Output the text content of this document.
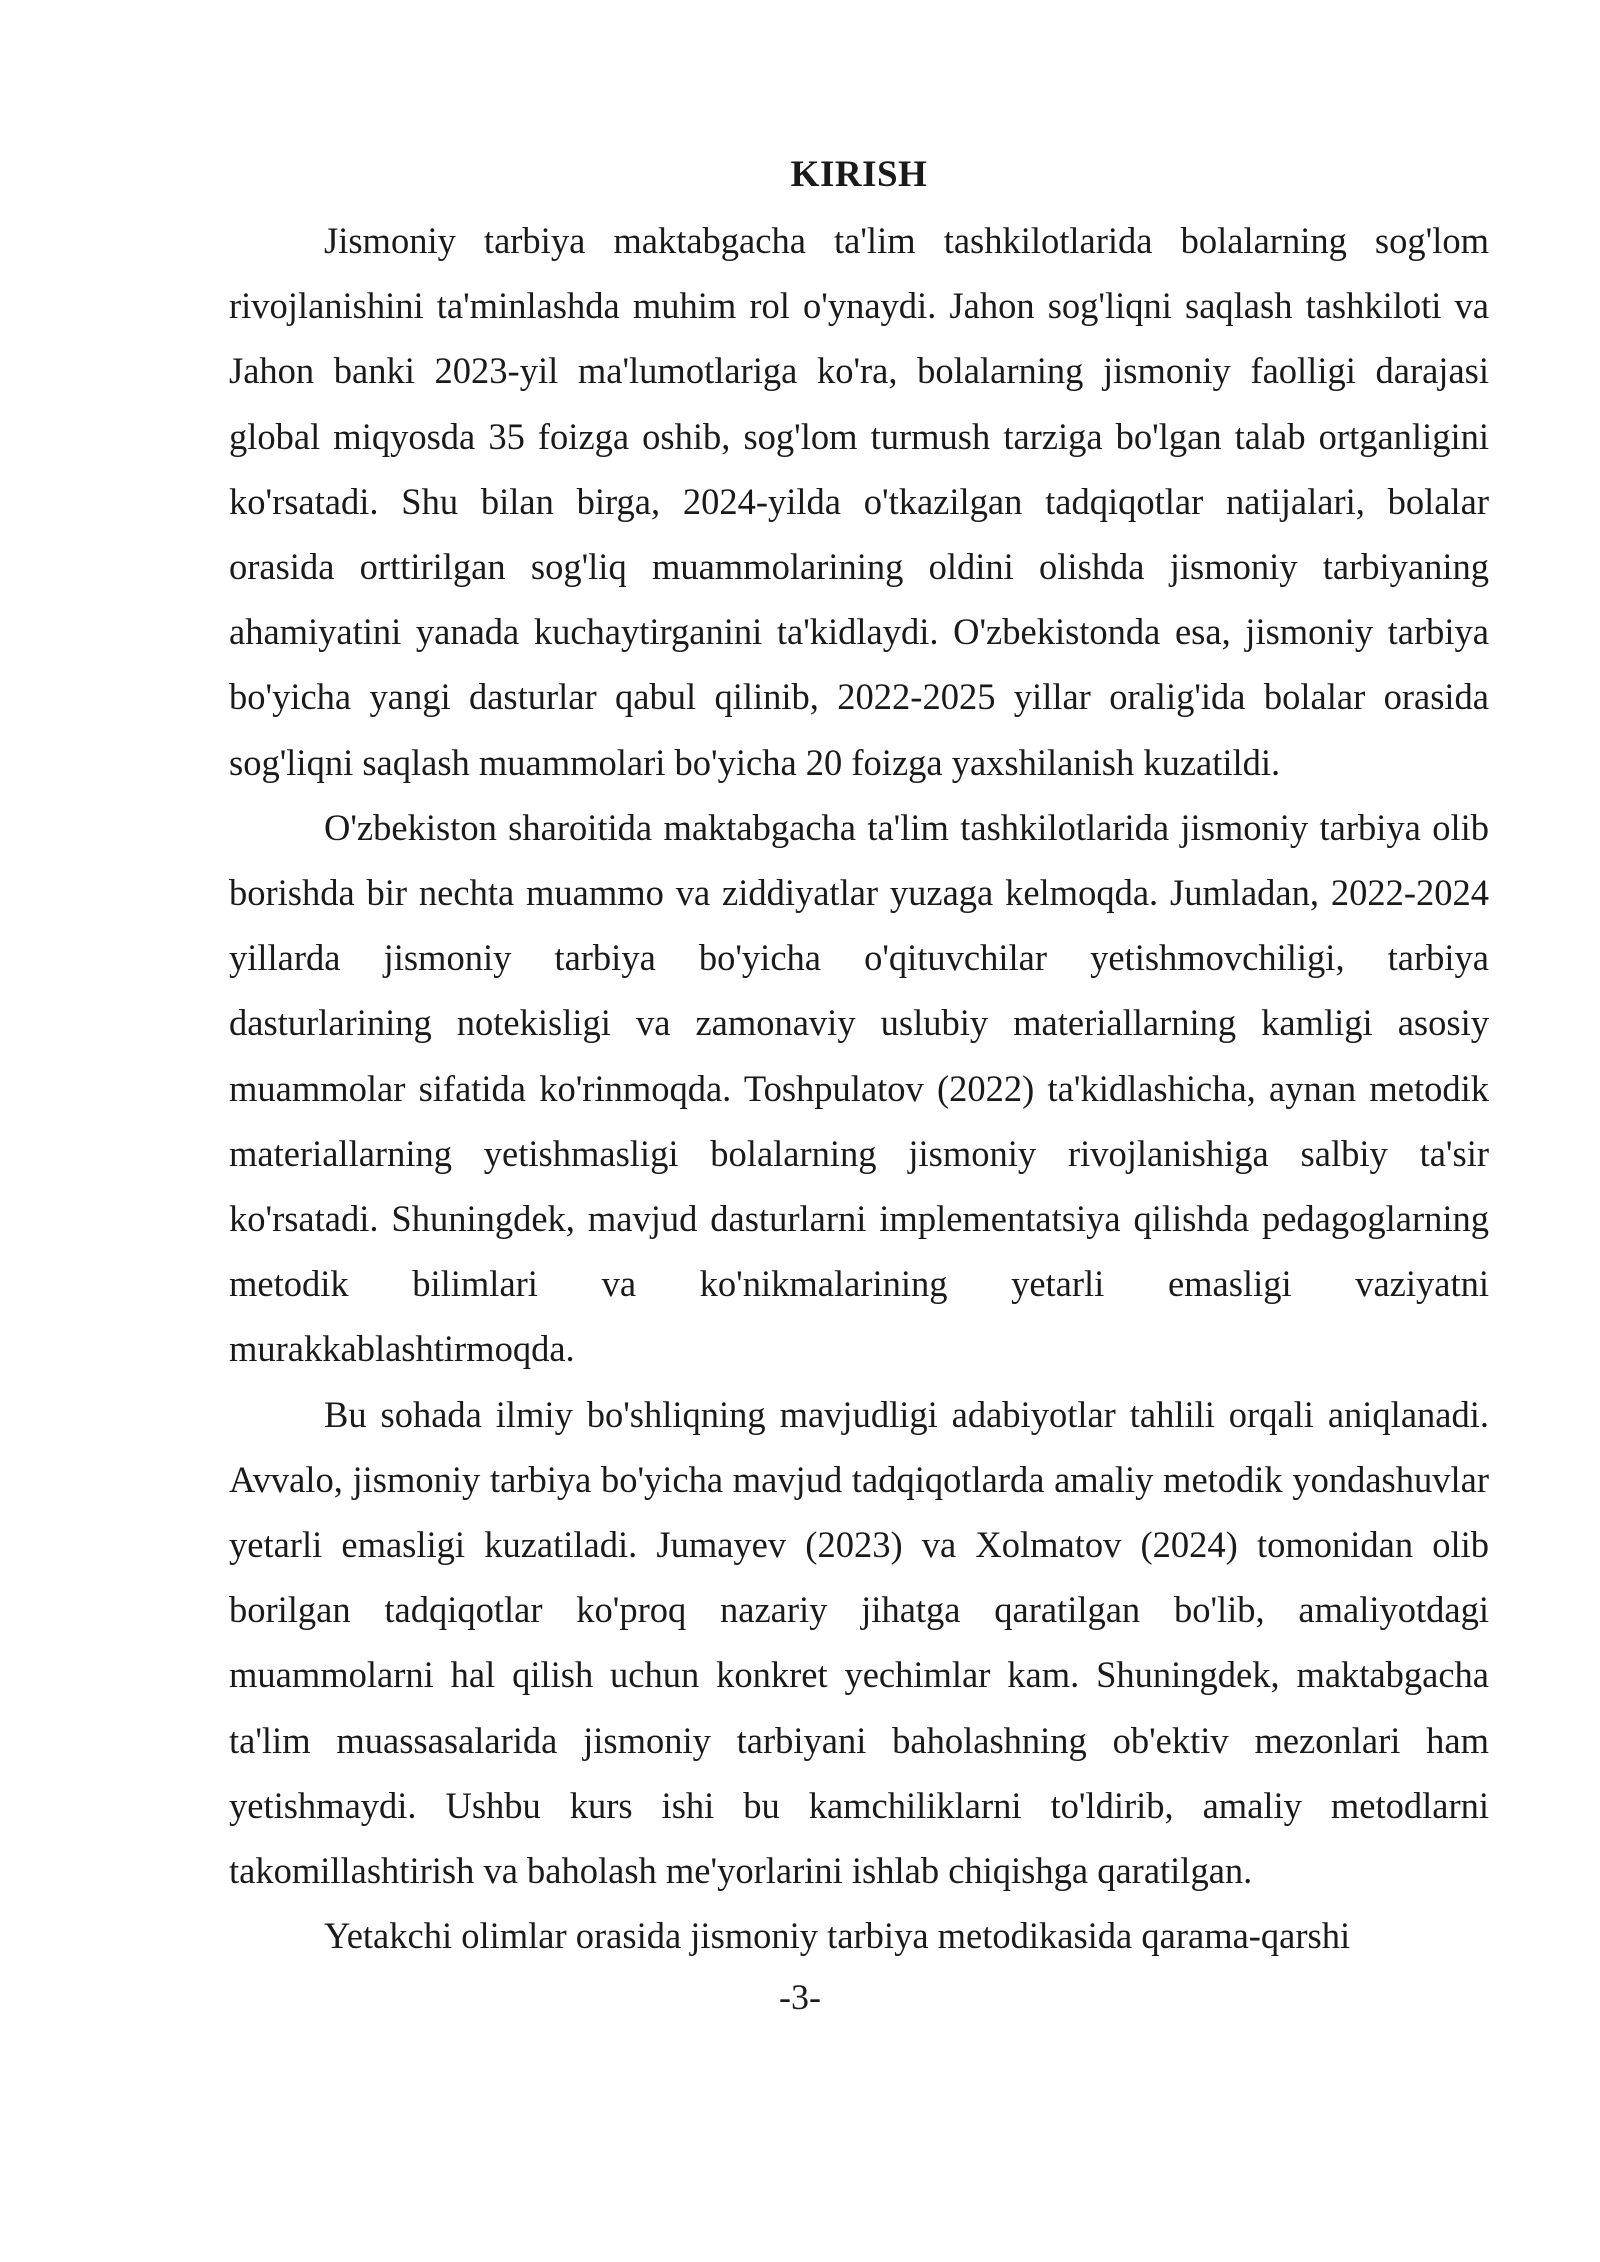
KIRISH

Jismoniy tarbiya maktabgacha ta'lim tashkilotlarida bolalarning sog'lom rivojlanishini ta'minlashda muhim rol o'ynaydi. Jahon sog'liqni saqlash tashkiloti va Jahon banki 2023-yil ma'lumotlariga ko'ra, bolalarning jismoniy faolligi darajasi global miqyosda 35 foizga oshib, sog'lom turmush tarziga bo'lgan talab ortganligini ko'rsatadi. Shu bilan birga, 2024-yilda o'tkazilgan tadqiqotlar natijalari, bolalar orasida orttirilgan sog'liq muammolarining oldini olishda jismoniy tarbiyaning ahamiyatini yanada kuchaytirganini ta'kidlaydi. O'zbekistonda esa, jismoniy tarbiya bo'yicha yangi dasturlar qabul qilinib, 2022-2025 yillar oralig'ida bolalar orasida sog'liqni saqlash muammolari bo'yicha 20 foizga yaxshilanish kuzatildi.

O'zbekiston sharoitida maktabgacha ta'lim tashkilotlarida jismoniy tarbiya olib borishda bir nechta muammo va ziddiyatlar yuzaga kelmoqda. Jumladan, 2022-2024 yillarda jismoniy tarbiya bo'yicha o'qituvchilar yetishmovchiligi, tarbiya dasturlarining notekisligi va zamonaviy uslubiy materiallarning kamligi asosiy muammolar sifatida ko'rinmoqda. Toshpulatov (2022) ta'kidlashicha, aynan metodik materiallarning yetishmasligi bolalarning jismoniy rivojlanishiga salbiy ta'sir ko'rsatadi. Shuningdek, mavjud dasturlarni implementatsiya qilishda pedagoglarning metodik bilimlari va ko'nikmalarining yetarli emasligi vaziyatni murakkablashtirmoqda.

Bu sohada ilmiy bo'shliqning mavjudligi adabiyotlar tahlili orqali aniqlanadi. Avvalo, jismoniy tarbiya bo'yicha mavjud tadqiqotlarda amaliy metodik yondashuvlar yetarli emasligi kuzatiladi. Jumayev (2023) va Xolmatov (2024) tomonidan olib borilgan tadqiqotlar ko'proq nazariy jihatga qaratilgan bo'lib, amaliyotdagi muammolarni hal qilish uchun konkret yechimlar kam. Shuningdek, maktabgacha ta'lim muassasalarida jismoniy tarbiyani baholashning ob'ektiv mezonlari ham yetishmaydi. Ushbu kurs ishi bu kamchiliklarni to'ldirib, amaliy metodlarni takomillashtirish va baholash me'yorlarini ishlab chiqishga qaratilgan.

Yetakchi olimlar orasida jismoniy tarbiya metodikasida qarama-qarshi

-3-
